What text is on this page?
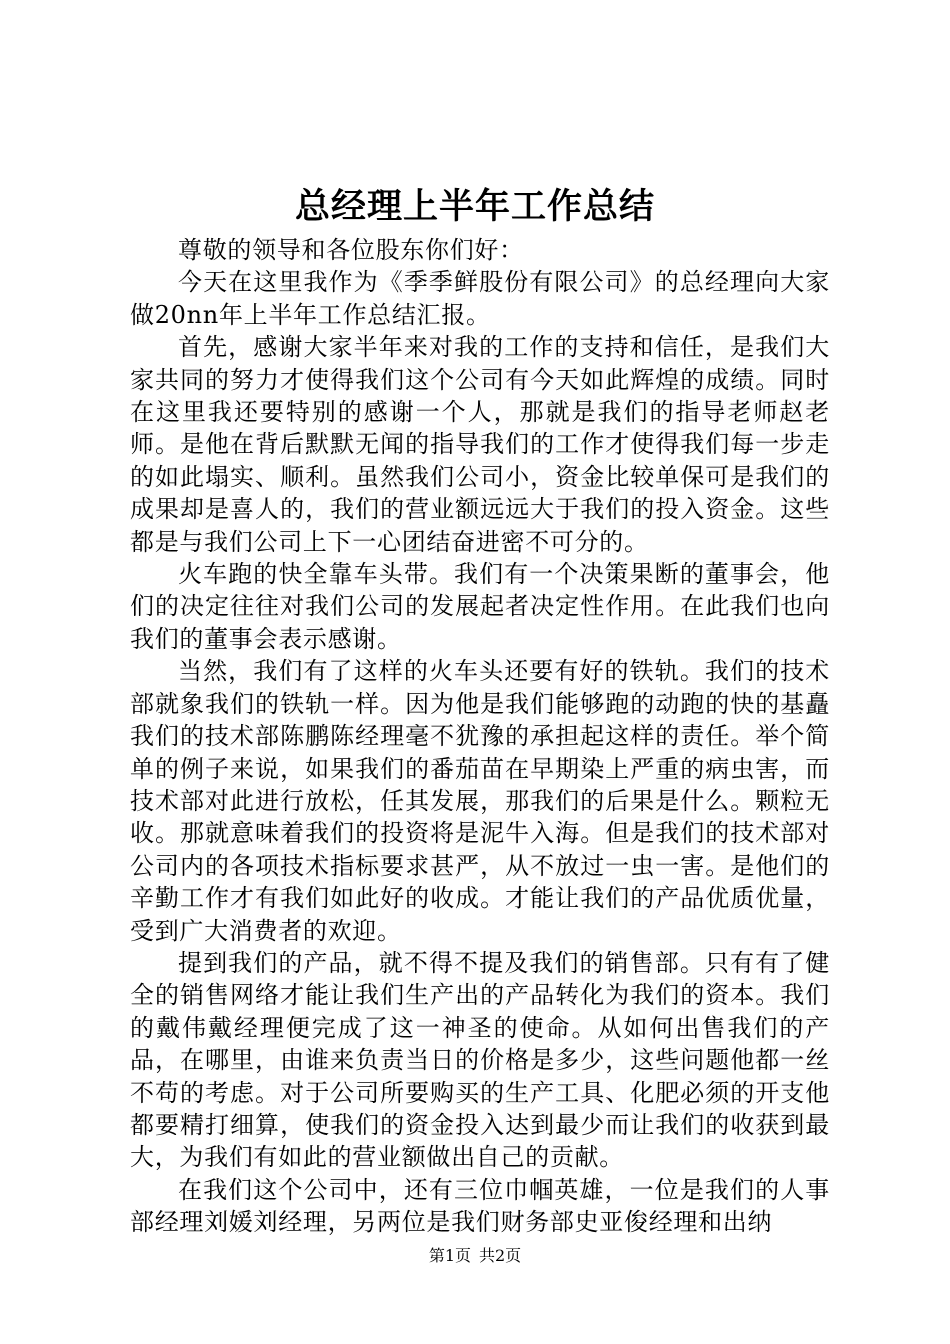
总经理上半年工作总结

尊敬的领导和各位股东你们好：

今天在这里我作为《季季鲜股份有限公司》的总经理向大家做20nn年上半年工作总结汇报。

首先，感谢大家半年来对我的工作的支持和信任，是我们大家共同的努力才使得我们这个公司有今天如此辉煌的成绩。同时在这里我还要特别的感谢一个人，那就是我们的指导老师赵老师。是他在背后默默无闻的指导我们的工作才使得我们每一步走的如此塌实、顺利。虽然我们公司小，资金比较单保可是我们的成果却是喜人的，我们的营业额远远大于我们的投入资金。这些都是与我们公司上下一心团结奋进密不可分的。

火车跑的快全靠车头带。我们有一个决策果断的董事会，他们的决定往往对我们公司的发展起者决定性作用。在此我们也向我们的董事会表示感谢。

当然，我们有了这样的火车头还要有好的铁轨。我们的技术部就象我们的铁轨一样。因为他是我们能够跑的动跑的快的基矗我们的技术部陈鹏陈经理毫不犹豫的承担起这样的责任。举个简单的例子来说，如果我们的番茄苗在早期染上严重的病虫害，而技术部对此进行放松，任其发展，那我们的后果是什么。颗粒无收。那就意味着我们的投资将是泥牛入海。但是我们的技术部对公司内的各项技术指标要求甚严，从不放过一虫一害。是他们的辛勤工作才有我们如此好的收成。才能让我们的产品优质优量，受到广大消费者的欢迎。

提到我们的产品，就不得不提及我们的销售部。只有有了健全的销售网络才能让我们生产出的产品转化为我们的资本。我们的戴伟戴经理便完成了这一神圣的使命。从如何出售我们的产品，在哪里，由谁来负责当日的价格是多少，这些问题他都一丝不苟的考虑。对于公司所要购买的生产工具、化肥必须的开支他都要精打细算，使我们的资金投入达到最少而让我们的收获到最大，为我们有如此的营业额做出自己的贡献。

在我们这个公司中，还有三位巾帼英雄，一位是我们的人事部经理刘媛刘经理，另两位是我们财务部史亚俊经理和出纳

第1页 共2页
